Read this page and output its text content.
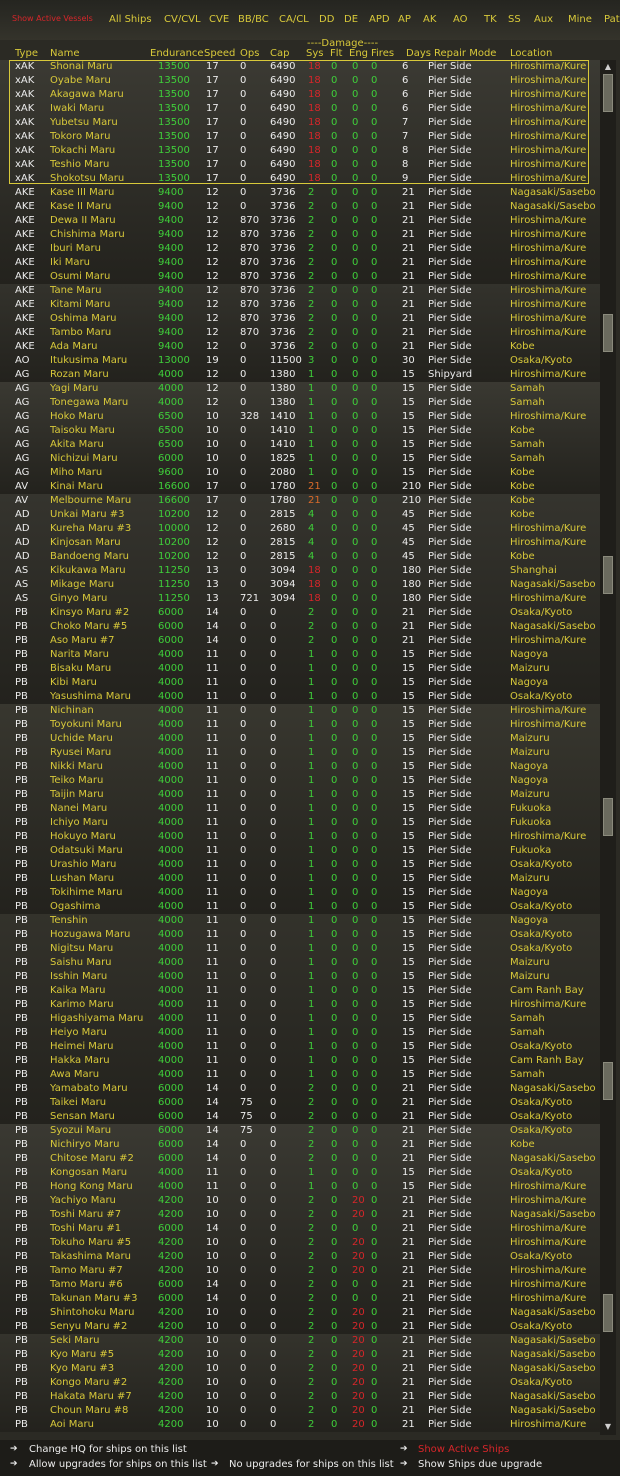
Show Active Vessels All Ships CV/CVL CVE BB/BC CA/CL DD DE APD AP AK AO TK SS Aux Mine Pat
----Damage----
Type Name	Endurance Speed Ops Cap Sys Flt Eng Fires Days Repair Mode Location
xAK Shonai Maru	13500 17 0 6490 18 0 0 0 6 Pier Side	Hiroshima/Kure
xAK Oyabe Maru	13500 17 0 6490 18 0 0 0 6 Pier Side	Hiroshima/Kure
xAK Akagawa Maru	13500 17 0 6490 18 0 0 0 6 Pier Side	Hiroshima/Kure
xAK Iwaki Maru	13500 17 0 6490 18 0 0 0 6 Pier Side	Hiroshima/Kure
xAK Yubetsu Maru	13500 17 0 6490 18 0 0 0 7 Pier Side	Hiroshima/Kure
xAK Tokoro Maru	13500 17 0 6490 18 0 0 0 7 Pier Side	Hiroshima/Kure
xAK Tokachi Maru	13500 17 0 6490 18 0 0 0 8 Pier Side	Hiroshima/Kure
xAK Teshio Maru	13500 17 0 6490 18 0 0 0 8 Pier Side	Hiroshima/Kure
xAK Shokotsu Maru	13500 17 0 6490 18 0 0 0 9 Pier Side	Hiroshima/Kure
AKE Kase III Maru	9400 12 0 3736 2 0 0 0 21 Pier Side	Nagasaki/Sasebo
AKE Kase II Maru	9400 12 0 3736 2 0 0 0 21 Pier Side	Nagasaki/Sasebo
AKE Dewa II Maru	9400 12 870 3736 2 0 0 0 21 Pier Side	Hiroshima/Kure
AKE Chishima Maru	9400 12 870 3736 2 0 0 0 21 Pier Side	Hiroshima/Kure
AKE Iburi Maru	9400 12 870 3736 2 0 0 0 21 Pier Side	Hiroshima/Kure
AKE Iki Maru	9400 12 870 3736 2 0 0 0 21 Pier Side	Hiroshima/Kure
AKE Osumi Maru	9400 12 870 3736 2 0 0 0 21 Pier Side	Hiroshima/Kure
AKE Tane Maru	9400 12 870 3736 2 0 0 0 21 Pier Side	Hiroshima/Kure
AKE Kitami Maru	9400 12 870 3736 2 0 0 0 21 Pier Side	Hiroshima/Kure
AKE Oshima Maru	9400 12 870 3736 2 0 0 0 21 Pier Side	Hiroshima/Kure
AKE Tambo Maru	9400 12 870 3736 2 0 0 0 21 Pier Side	Hiroshima/Kure
AKE Ada Maru	9400 12 0 3736 2 0 0 0 21 Pier Side	Kobe
AO Itukusima Maru	13000 19 0 11500 3 0 0 0 30 Pier Side	Osaka/Kyoto
AG Rozan Maru	4000 12 0 1380 1 0 0 0 15 Shipyard	Hiroshima/Kure
AG Yagi Maru	4000 12 0 1380 1 0 0 0 15 Pier Side	Samah
AG Tonegawa Maru	4000 12 0 1380 1 0 0 0 15 Pier Side	Samah
AG Hoko Maru	6500 10 328 1410 1 0 0 0 15 Pier Side	Hiroshima/Kure
AG Taisoku Maru	6500 10 0 1410 1 0 0 0 15 Pier Side	Kobe
AG Akita Maru	6500 10 0 1410 1 0 0 0 15 Pier Side	Samah
AG Nichizui Maru	6000 10 0 1825 1 0 0 0 15 Pier Side	Samah
AG Miho Maru	9600 10 0 2080 1 0 0 0 15 Pier Side	Kobe
AV Kinai Maru	16600 17 0 1780 21 0 0 0 210 Pier Side	Kobe
AV Melbourne Maru	16600 17 0 1780 21 0 0 0 210 Pier Side	Kobe
AD Unkai Maru #3	10200 12 0 2815 4 0 0 0 45 Pier Side	Kobe
AD Kureha Maru #3	10000 12 0 2680 4 0 0 0 45 Pier Side	Hiroshima/Kure
AD Kinjosan Maru	10200 12 0 2815 4 0 0 0 45 Pier Side	Hiroshima/Kure
AD Bandoeng Maru	10200 12 0 2815 4 0 0 0 45 Pier Side	Kobe
AS Kikukawa Maru	11250 13 0 3094 18 0 0 0 180 Pier Side	Shanghai
AS Mikage Maru	11250 13 0 3094 18 0 0 0 180 Pier Side	Nagasaki/Sasebo
AS Ginyo Maru	11250 13 721 3094 18 0 0 0 180 Pier Side	Hiroshima/Kure
PB Kinsyo Maru #2	6000 14 0 0	2 0 0 0 21 Pier Side	Osaka/Kyoto
PB Choko Maru #5	6000 14 0 0	2 0 0 0 21 Pier Side	Nagasaki/Sasebo
PB Aso Maru #7	6000 14 0 0	2 0 0 0 21 Pier Side	Hiroshima/Kure
PB Narita Maru	4000 11 0 0	1 0 0 0 15 Pier Side	Nagoya
PB Bisaku Maru	4000 11 0 0	1 0 0 0 15 Pier Side	Maizuru
PB Kibi Maru	4000 11 0 0	1 0 0 0 15 Pier Side	Nagoya
PB Yasushima Maru	4000 11 0 0	1 0 0 0 15 Pier Side	Osaka/Kyoto
PB Nichinan	4000 11 0 0	1 0 0 0 15 Pier Side	Hiroshima/Kure
PB Toyokuni Maru	4000 11 0 0	1 0 0 0 15 Pier Side	Hiroshima/Kure
PB Uchide Maru	4000 11 0 0	1 0 0 0 15 Pier Side	Maizuru
PB Ryusei Maru	4000 11 0 0	1 0 0 0 15 Pier Side	Maizuru
PB Nikki Maru	4000 11 0 0	1 0 0 0 15 Pier Side	Nagoya
PB Teiko Maru	4000 11 0 0	1 0 0 0 15 Pier Side	Nagoya
PB Taijin Maru	4000 11 0 0	1 0 0 0 15 Pier Side	Maizuru
PB Nanei Maru	4000 11 0 0	1 0 0 0 15 Pier Side	Fukuoka
PB Ichiyo Maru	4000 11 0 0	1 0 0 0 15 Pier Side	Fukuoka
PB Hokuyo Maru	4000 11 0 0	1 0 0 0 15 Pier Side	Hiroshima/Kure
PB Odatsuki Maru	4000 11 0 0	1 0 0 0 15 Pier Side	Fukuoka
PB Urashio Maru	4000 11 0 0	1 0 0 0 15 Pier Side	Osaka/Kyoto
PB Lushan Maru	4000 11 0 0	1 0 0 0 15 Pier Side	Maizuru
PB Tokihime Maru	4000 11 0 0	1 0 0 0 15 Pier Side	Nagoya
PB Ogashima	4000 11 0 0	1 0 0 0 15 Pier Side	Osaka/Kyoto
PB Tenshin	4000 11 0 0	1 0 0 0 15 Pier Side	Nagoya
PB Hozugawa Maru	4000 11 0 0	1 0 0 0 15 Pier Side	Osaka/Kyoto
PB Nigitsu Maru	4000 11 0 0	1 0 0 0 15 Pier Side	Osaka/Kyoto
PB Saishu Maru	4000 11 0 0	1 0 0 0 15 Pier Side	Maizuru
PB Isshin Maru	4000 11 0 0	1 0 0 0 15 Pier Side	Maizuru
PB Kaika Maru	4000 11 0 0	1 0 0 0 15 Pier Side	Cam Ranh Bay
PB Karimo Maru	4000 11 0 0	1 0 0 0 15 Pier Side	Hiroshima/Kure
PB Higashiyama Maru 4000 11 0 0	1 0 0 0 15 Pier Side	Samah
PB Heiyo Maru	4000 11 0 0	1 0 0 0 15 Pier Side	Samah
PB Heimei Maru	4000 11 0 0	1 0 0 0 15 Pier Side	Osaka/Kyoto
PB Hakka Maru	4000 11 0 0	1 0 0 0 15 Pier Side	Cam Ranh Bay
PB Awa Maru	4000 11 0 0	1 0 0 0 15 Pier Side	Samah
PB Yamabato Maru	6000 14 0 0	2 0 0 0 21 Pier Side	Nagasaki/Sasebo
PB Taikei Maru	6000 14 75 0	2 0 0 0 21 Pier Side	Osaka/Kyoto
PB Sensan Maru	6000 14 75 0	2 0 0 0 21 Pier Side	Osaka/Kyoto
PB Syozui Maru	6000 14 75 0	2 0 0 0 21 Pier Side	Osaka/Kyoto
PB Nichiryo Maru	6000 14 0 0	2 0 0 0 21 Pier Side	Kobe
PB Chitose Maru #2 6000 14 0 0	2 0 0 0 21 Pier Side	Nagasaki/Sasebo
PB Kongosan Maru	4000 11 0 0	1 0 0 0 15 Pier Side	Osaka/Kyoto
PB Hong Kong Maru	4000 11 0 0	1 0 0 0 15 Pier Side	Hiroshima/Kure
PB Yachiyo Maru	4200 10 0 0	2 0 20 0 21 Pier Side	Hiroshima/Kure
PB Toshi Maru #7	4200 10 0 0	2 0 20 0 21 Pier Side	Nagasaki/Sasebo
PB Toshi Maru #1	6000 14 0 0	2 0 0 0 21 Pier Side	Hiroshima/Kure
PB Tokuho Maru #5	4200 10 0 0	2 0 20 0 21 Pier Side	Hiroshima/Kure
PB Takashima Maru	4200 10 0 0	2 0 20 0 21 Pier Side	Osaka/Kyoto
PB Tamo Maru #7	4200 10 0 0	2 0 20 0 21 Pier Side	Hiroshima/Kure
PB Tamo Maru #6	6000 14 0 0	2 0 0 0 21 Pier Side	Hiroshima/Kure
PB Takunan Maru #3 6000 14 0 0	2 0 0 0 21 Pier Side	Hiroshima/Kure
PB Shintohoku Maru 4200 10 0 0	2 0 20 0 21 Pier Side	Nagasaki/Sasebo
PB Senyu Maru #2	4200 10 0 0	2 0 20 0 21 Pier Side	Osaka/Kyoto
PB Seki Maru	4200 10 0 0	2 0 20 0 21 Pier Side	Nagasaki/Sasebo
PB Kyo Maru #5	4200 10 0 0	2 0 20 0 21 Pier Side	Nagasaki/Sasebo
PB Kyo Maru #3	4200 10 0 0	2 0 20 0 21 Pier Side	Nagasaki/Sasebo
PB Kongo Maru #2	4200 10 0 0	2 0 20 0 21 Pier Side	Osaka/Kyoto
PB Hakata Maru #7	4200 10 0 0	2 0 20 0 21 Pier Side	Nagasaki/Sasebo
PB Choun Maru #8	4200 10 0 0	2 0 20 0 21 Pier Side	Nagasaki/Sasebo
PB Aoi Maru	4200 10 0 0	2 0 20 0 21 Pier Side	Hiroshima/Kure
▲
▼
➔ Change HQ for ships on this list
➔ Allow upgrades for ships on this list ➔ No upgrades for ships on this list
➔ Show Active Ships
➔ Show Ships due upgrade
